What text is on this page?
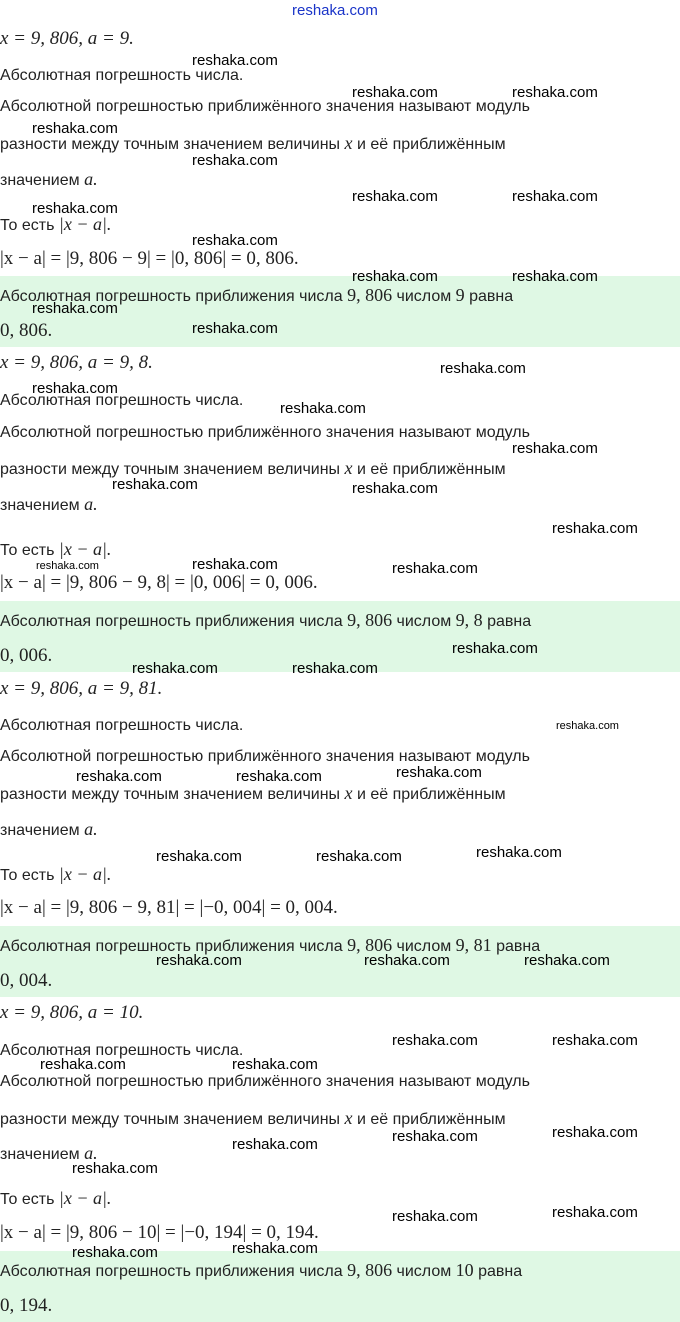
reshaka.com
x = 9, 806, a = 9.
Абсолютная погрешность числа.
Абсолютной погрешностью приближённого значения называют модуль
разности между точным значением величины x и её приближённым
значением a.
То есть |x − a|.
|x − a| = |9, 806 − 9| = |0, 806| = 0, 806.
Абсолютная погрешность приближения числа 9, 806 числом 9 равна
0, 806.
x = 9, 806, a = 9, 8.
Абсолютная погрешность числа.
Абсолютной погрешностью приближённого значения называют модуль
разности между точным значением величины x и её приближённым
значением a.
То есть |x − a|.
|x − a| = |9, 806 − 9, 8| = |0, 006| = 0, 006.
Абсолютная погрешность приближения числа 9, 806 числом 9, 8 равна
0, 006.
x = 9, 806, a = 9, 81.
Абсолютная погрешность числа.
Абсолютной погрешностью приближённого значения называют модуль
разности между точным значением величины x и её приближённым
значением a.
То есть |x − a|.
|x − a| = |9, 806 − 9, 81| = |−0, 004| = 0, 004.
Абсолютная погрешность приближения числа 9, 806 числом 9, 81 равна
0, 004.
x = 9, 806, a = 10.
Абсолютная погрешность числа.
Абсолютной погрешностью приближённого значения называют модуль
разности между точным значением величины x и её приближённым
значением a.
То есть |x − a|.
|x − a| = |9, 806 − 10| = |−0, 194| = 0, 194.
Абсолютная погрешность приближения числа 9, 806 числом 10 равна
0, 194.
reshaka.com
reshaka.com	reshaka.com
reshaka.com
reshaka.com
reshaka.com	reshaka.com
reshaka.com
reshaka.com
reshaka.com	reshaka.com
reshaka.com
reshaka.com
reshaka.com
reshaka.com
reshaka.com
reshaka.com
reshaka.com	reshaka.com
reshaka.com
reshaka.com	reshaka.com	reshaka.com
reshaka.com
reshaka.com	reshaka.com
reshaka.com
reshaka.com
reshaka.com	reshaka.com
reshaka.com
reshaka.com	reshaka.com
reshaka.com	reshaka.com	reshaka.com
reshaka.com	reshaka.com
reshaka.com	reshaka.com
reshaka.com	reshaka.com
reshaka.com
reshaka.com
reshaka.com	reshaka.com
reshaka.com
reshaka.com
